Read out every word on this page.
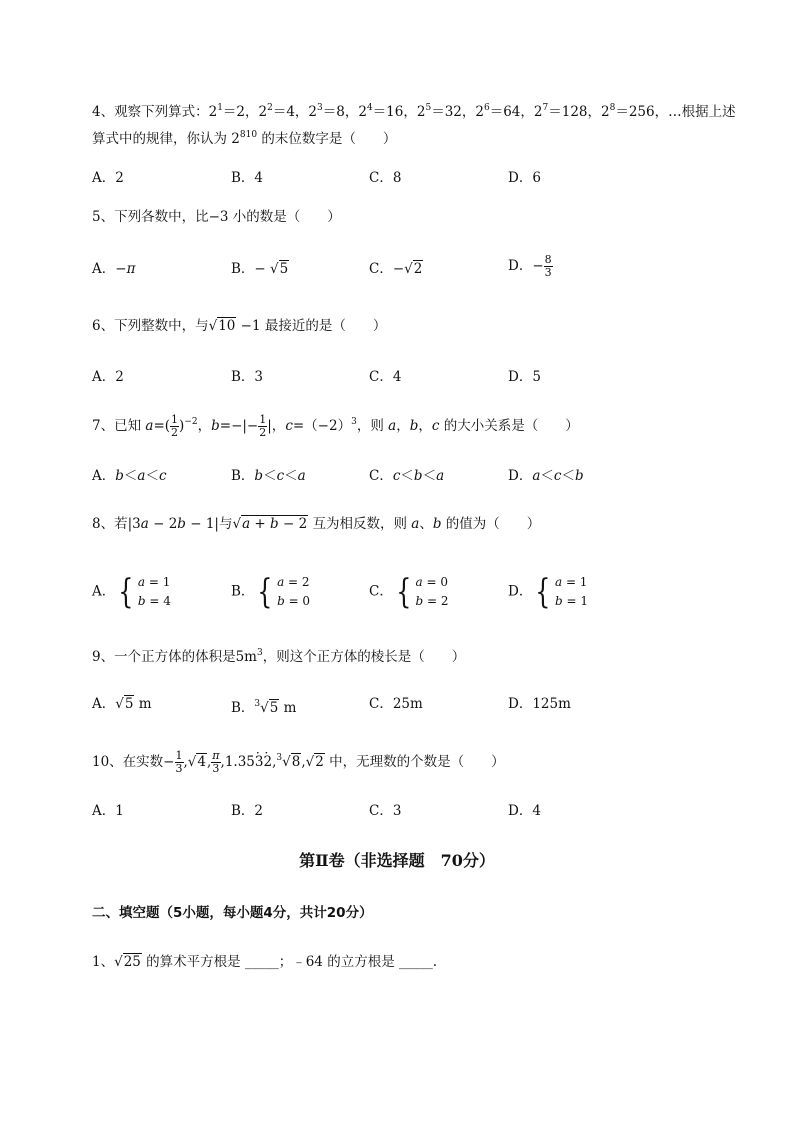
4、观察下列算式：$2^1=2$，$2^2=4$，$2^3=8$，$2^4=16$，$2^5=32$，$2^6=64$，$2^7=128$，$2^8=256$，…根据上述
算式中的规律，你认为 $2^{810}$ 的末位数字是（　　）
A．2	B．4	C．8	D．6
5、下列各数中，比−3 小的数是（　　）
A．−π	B．− √5	C．−√2	D．− $\frac{8}{3}$
6、下列整数中，与√10 −1 最接近的是（　　）
A．2	B．3	C．4	D．5
7、已知 $a=( \frac{1}{2} )^{-2}$，$b=-|- \frac{1}{2}$ |，$c=(-2)^3$，则 a，b，c 的大小关系是（　　）
A．b＜a＜c	B．b＜c＜a	C．c＜b＜a	D．a＜c＜b
8、若|3a − 2b − 1|与√a + b − 2 互为相反数，则 a、b 的值为（　　）
A． { a = 1
b = 4
B． { a = 2
b = 0
C． { a = 0
b = 2
D． { a = 1
b = 1
9、一个正方体的体积是$5m^3$，则这个正方体的棱长是（　　）
A．√5 m	B．$^3$√5 m	C．25m	D．125m
10、在实数− $\frac{1}{3} ,√4$, $\frac{\pi}{3} ,1.353 \cdot 2 \cdot,^3√8,√2$ 中，无理数的个数是（　　）
A．1	B．2	C．3	D．4
第Ⅱ卷（非选择题　70分）
二、填空题（5小题，每小题4分，共计20分）
1、√25 的算术平方根是 _____；﹣64 的立方根是 _____.
